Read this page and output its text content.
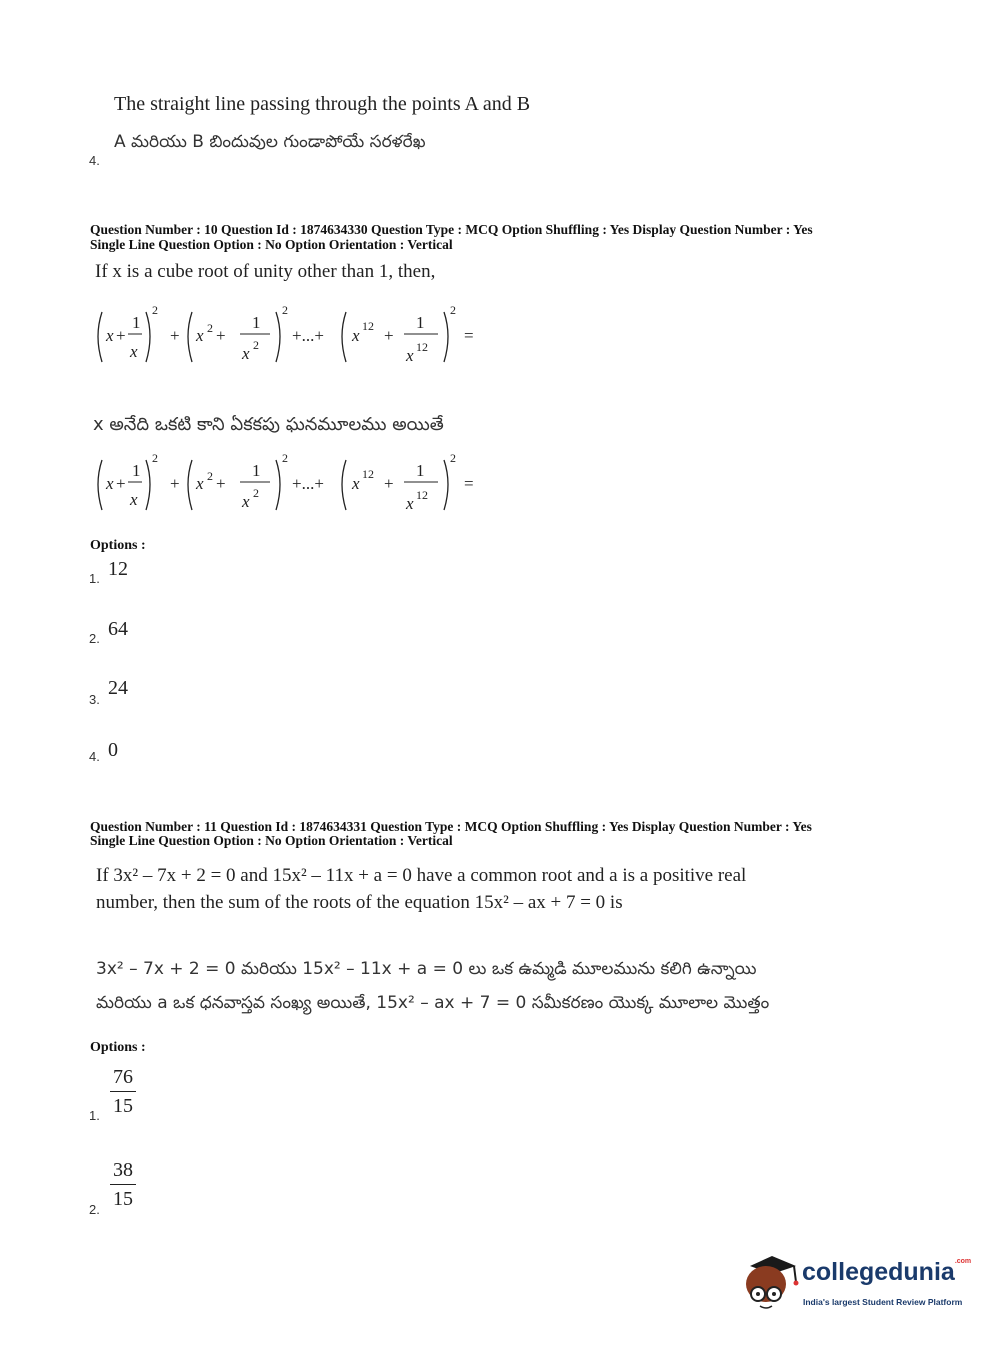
The straight line passing through the points A and B
A మరియు B బిందువుల గుండాపోయే సరళరేఖ
4.
Question Number : 10 Question Id : 1874634330 Question Type : MCQ Option Shuffling : Yes Display Question Number : Yes
Single Line Question Option : No Option Orientation : Vertical
If x is a cube root of unity other than 1, then,
x +
1
x
2
+ x 2 +
1
x 2
2
+...+ x 12 +
1
x 12
2
=
x అనేది ఒకటి కాని ఏకకపు ఘనమూలము అయితే
x +
1
x
2
+ x 2 +
1
x 2
2
+...+ x 12 +
1
x 12
2
=
Options :
12
1.
64
2.
24
3.
0
4.
Question Number : 11 Question Id : 1874634331 Question Type : MCQ Option Shuffling : Yes Display Question Number : Yes
Single Line Question Option : No Option Orientation : Vertical
If 3x² – 7x + 2 = 0 and 15x² – 11x + a = 0 have a common root and a is a positive real
number, then the sum of the roots of the equation 15x² – ax + 7 = 0 is
3x² – 7x + 2 = 0 మరియు 15x² – 11x + a = 0 లు ఒక ఉమ్మడి మూలమును కలిగి ఉన్నాయి
మరియు a ఒక ధనవాస్తవ సంఖ్య అయితే, 15x² – ax + 7 = 0 సమీకరణం యొక్క మూలాల మొత్తం
Options :
$\frac{76}{15}$
1.
$\frac{38}{15}$
2.
collegedunia$^{.com}$
India's largest Student Review Platform
